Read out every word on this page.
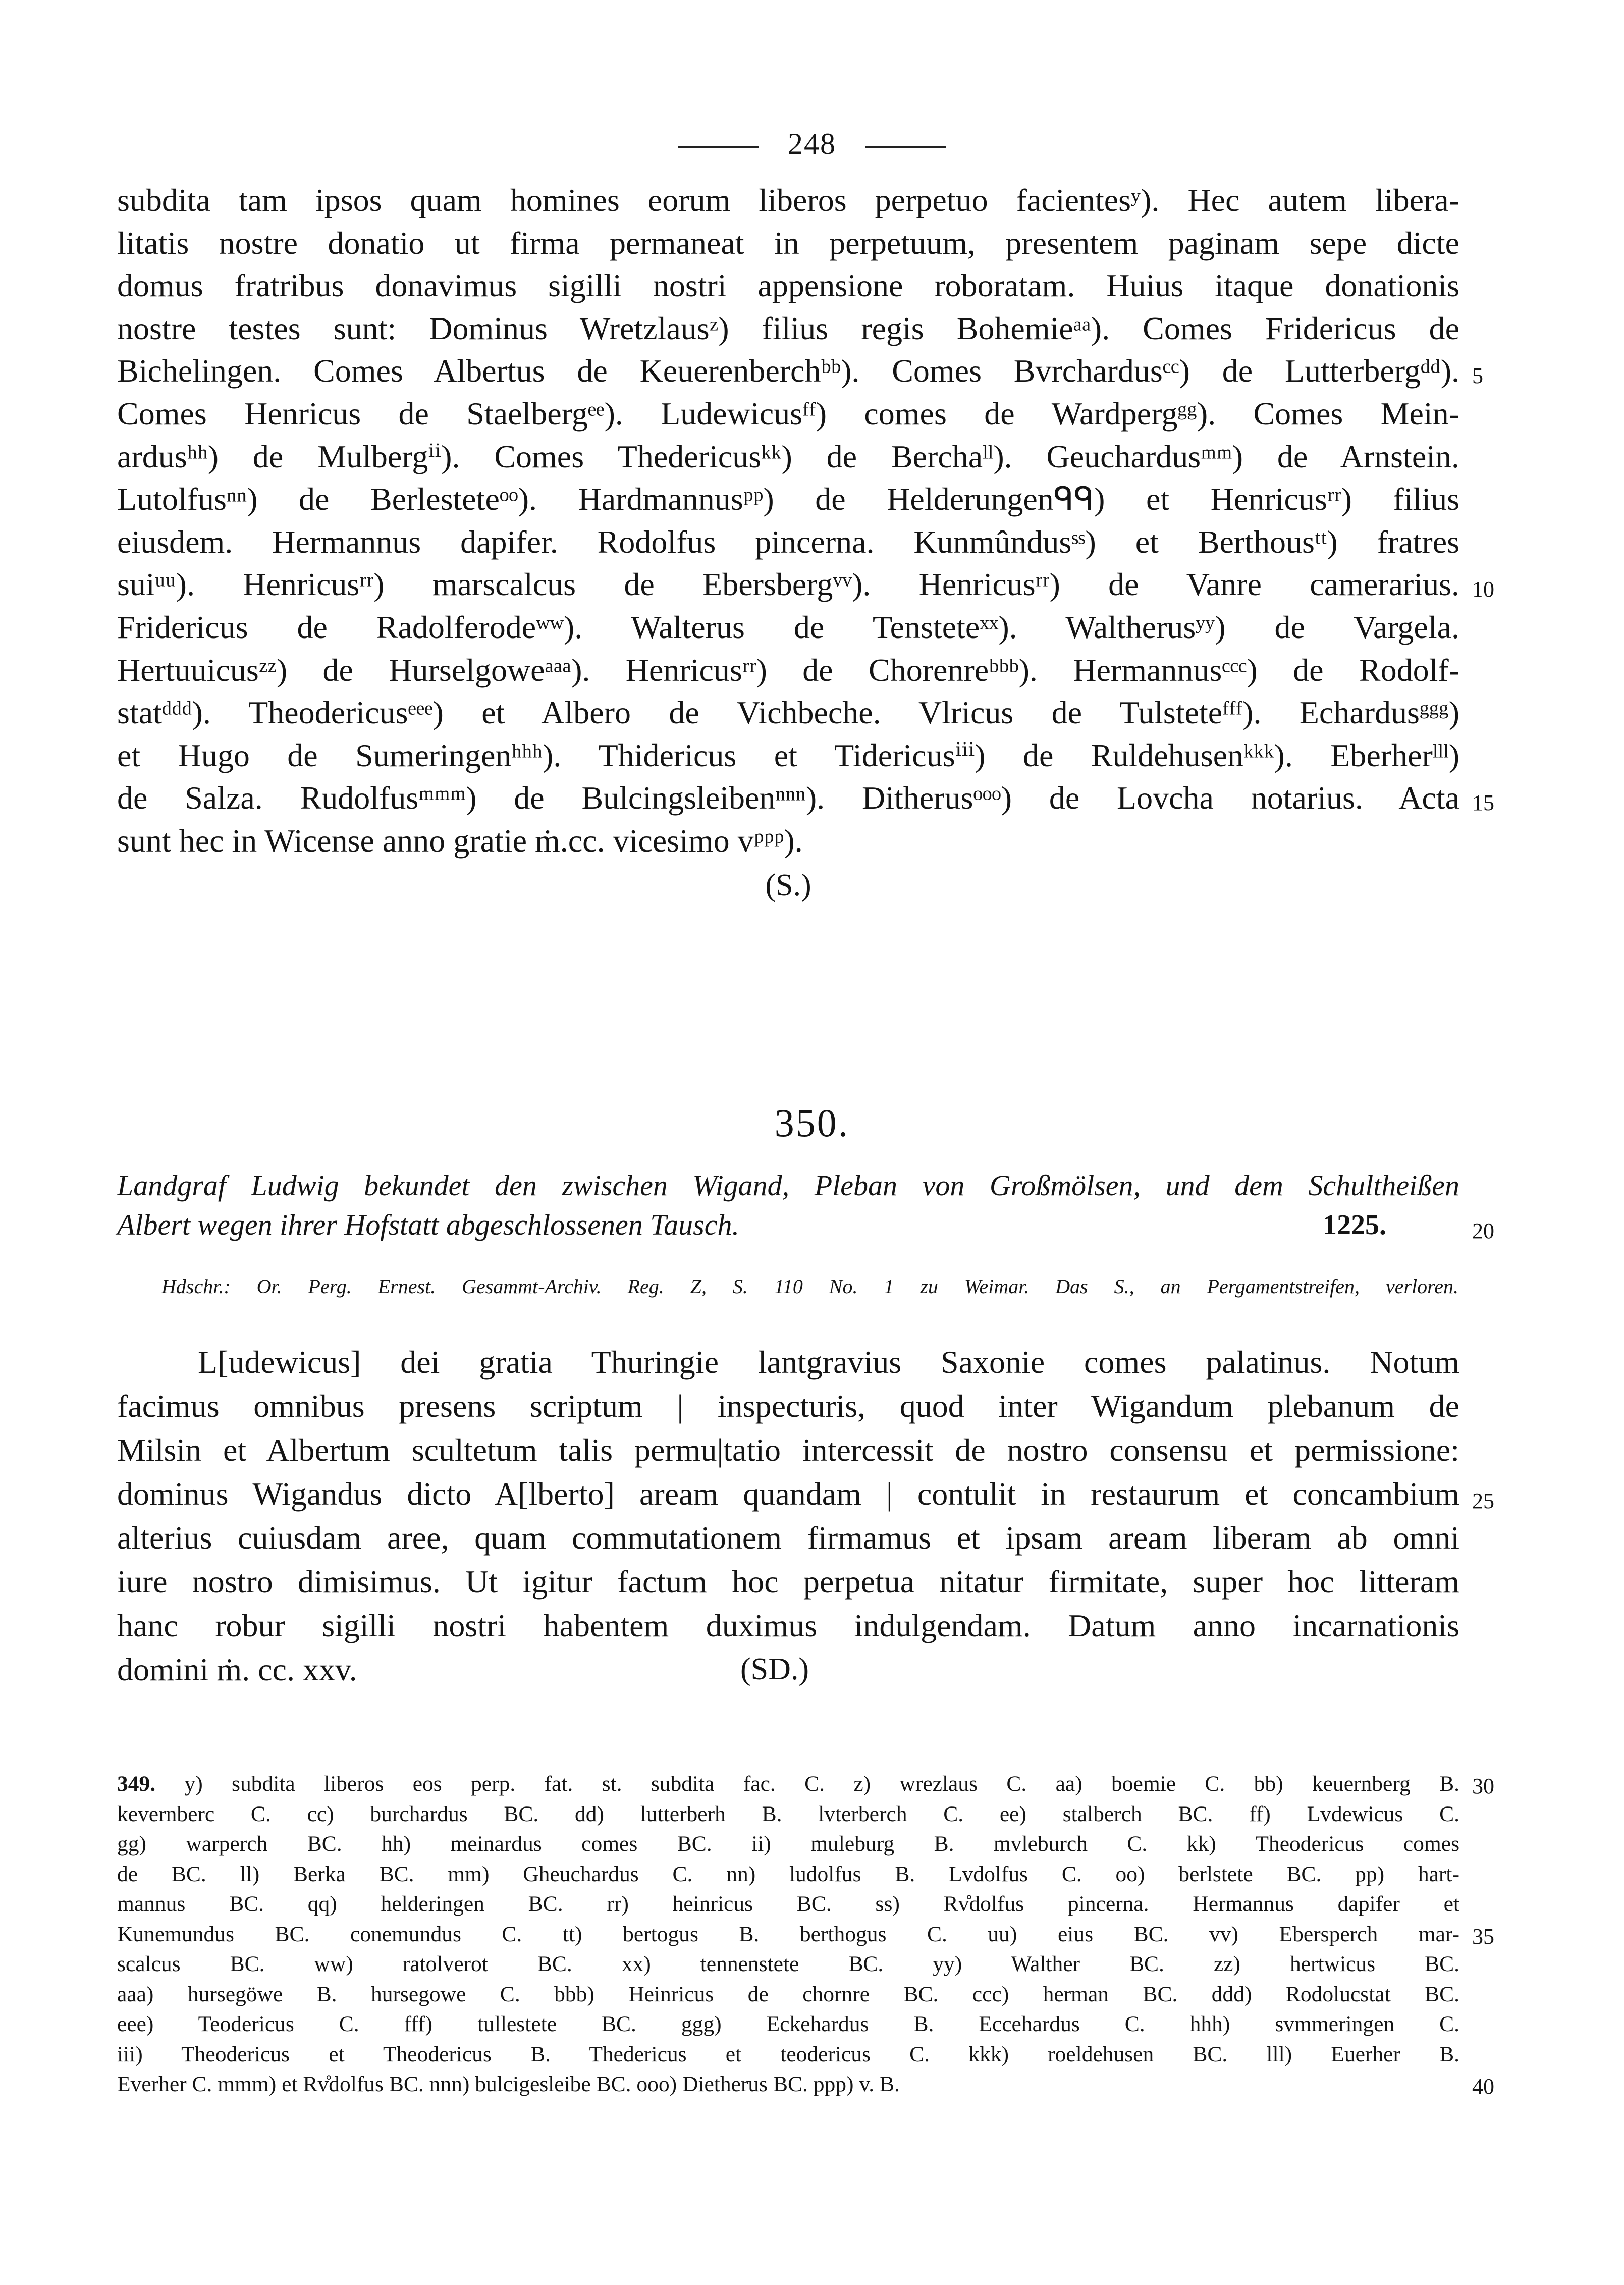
248
subdita tam ipsos quam homines eorum liberos perpetuo facientesʸ). Hec autem libera-
litatis nostre donatio ut firma permaneat in perpetuum, presentem paginam sepe dicte
domus fratribus donavimus sigilli nostri appensione roboratam. Huius itaque donationis
nostre testes sunt: Dominus Wretzlausᶻ) filius regis Bohemieᵃᵃ). Comes Fridericus de
Bichelingen. Comes Albertus de Keuerenberchᵇᵇ). Comes Bvrchardusᶜᶜ) de Lutterbergᵈᵈ). 5
Comes Henricus de Staelbergᵉᵉ). Ludewicusᶠᶠ) comes de Wardpergᵍᵍ). Comes Mein-
ardusʰʰ) de Mulbergⁱⁱ). Comes Thedericusᵏᵏ) de Berchaˡˡ). Geuchardusᵐᵐ) de Arnstein.
Lutolfusⁿⁿ) de Berlesteteᵒᵒ). Hardmannusᵖᵖ) de Helderungenᑫᑫ) et Henricusʳʳ) filius
eiusdem. Hermannus dapifer. Rodolfus pincerna. Kunmûndusˢˢ) et Berthousᵗᵗ) fratres
suiᵘᵘ). Henricusʳʳ) marscalcus de Ebersbergᵛᵛ). Henricusʳʳ) de Vanre camerarius. 10
Fridericus de Radolferodeʷʷ). Walterus de Tensteteˣˣ). Waltherusʸʸ) de Vargela.
Hertuuicusᶻᶻ) de Hurselgoweᵃᵃᵃ). Henricusʳʳ) de Chorenreᵇᵇᵇ). Hermannusᶜᶜᶜ) de Rodolf-
statᵈᵈᵈ). Theodericusᵉᵉᵉ) et Albero de Vichbeche. Vlricus de Tulsteteᶠᶠᶠ). Echardusᵍᵍᵍ)
et Hugo de Sumeringenʰʰʰ). Thidericus et Tidericusⁱⁱⁱ) de Ruldehusenᵏᵏᵏ). Eberherˡˡˡ)
de Salza. Rudolfusᵐᵐᵐ) de Bulcingsleibenⁿⁿⁿ). Ditherusᵒᵒᵒ) de Lovcha notarius. Acta 15
sunt hec in Wicense anno gratie ṁ.cc. vicesimo vᵖᵖᵖ).
(S.)
350.
Landgraf Ludwig bekundet den zwischen Wigand, Pleban von Großmölsen, und dem Schultheißen
Albert wegen ihrer Hofstatt abgeschlossenen Tausch.	20
1225.
Hdschr.: Or. Perg. Ernest. Gesammt-Archiv. Reg. Z, S. 110 No. 1 zu Weimar. Das S., an Pergamentstreifen, verloren.
L[udewicus] dei gratia Thuringie lantgravius Saxonie comes palatinus. Notum
facimus omnibus presens scriptum | inspecturis, quod inter Wigandum plebanum de
Milsin et Albertum scultetum talis permu|tatio intercessit de nostro consensu et permissione:
dominus Wigandus dicto A[lberto] aream quandam | contulit in restaurum et concambium 25
alterius cuiusdam aree, quam commutationem firmamus et ipsam aream liberam ab omni
iure nostro dimisimus. Ut igitur factum hoc perpetua nitatur firmitate, super hoc litteram
hanc robur sigilli nostri habentem duximus indulgendam. Datum anno incarnationis
domini ṁ. cc. xxv.	(SD.)
349. y) subdita liberos eos perp. fat. st. subdita fac. C. z) wrezlaus C. aa) boemie C. bb) keuernberg B. 30
kevernberc C. cc) burchardus BC. dd) lutterberh B. lvterberch C. ee) stalberch BC. ff) Lvdewicus C.
gg) warperch BC. hh) meinardus comes BC. ii) muleburg B. mvleburch C. kk) Theodericus comes
de BC. ll) Berka BC. mm) Gheuchardus C. nn) ludolfus B. Lvdolfus C. oo) berlstete BC. pp) hart-
mannus BC. qq) helderingen BC. rr) heinricus BC. ss) Rv̊dolfus pincerna. Hermannus dapifer et
Kunemundus BC. conemundus C. tt) bertogus B. berthogus C. uu) eius BC. vv) Ebersperch mar- 35
scalcus BC. ww) ratolverot BC. xx) tennenstete BC. yy) Walther BC. zz) hertwicus BC.
aaa) hursegöwe B. hursegowe C. bbb) Heinricus de chornre BC. ccc) herman BC. ddd) Rodolucstat BC.
eee) Teodericus C. fff) tullestete BC. ggg) Eckehardus B. Eccehardus C. hhh) svmmeringen C.
iii) Theodericus et Theodericus B. Thedericus et teodericus C. kkk) roeldehusen BC. lll) Euerher B.
Everher C. mmm) et Rv̊dolfus BC. nnn) bulcigesleibe BC. ooo) Dietherus BC. ppp) v. B.	40
